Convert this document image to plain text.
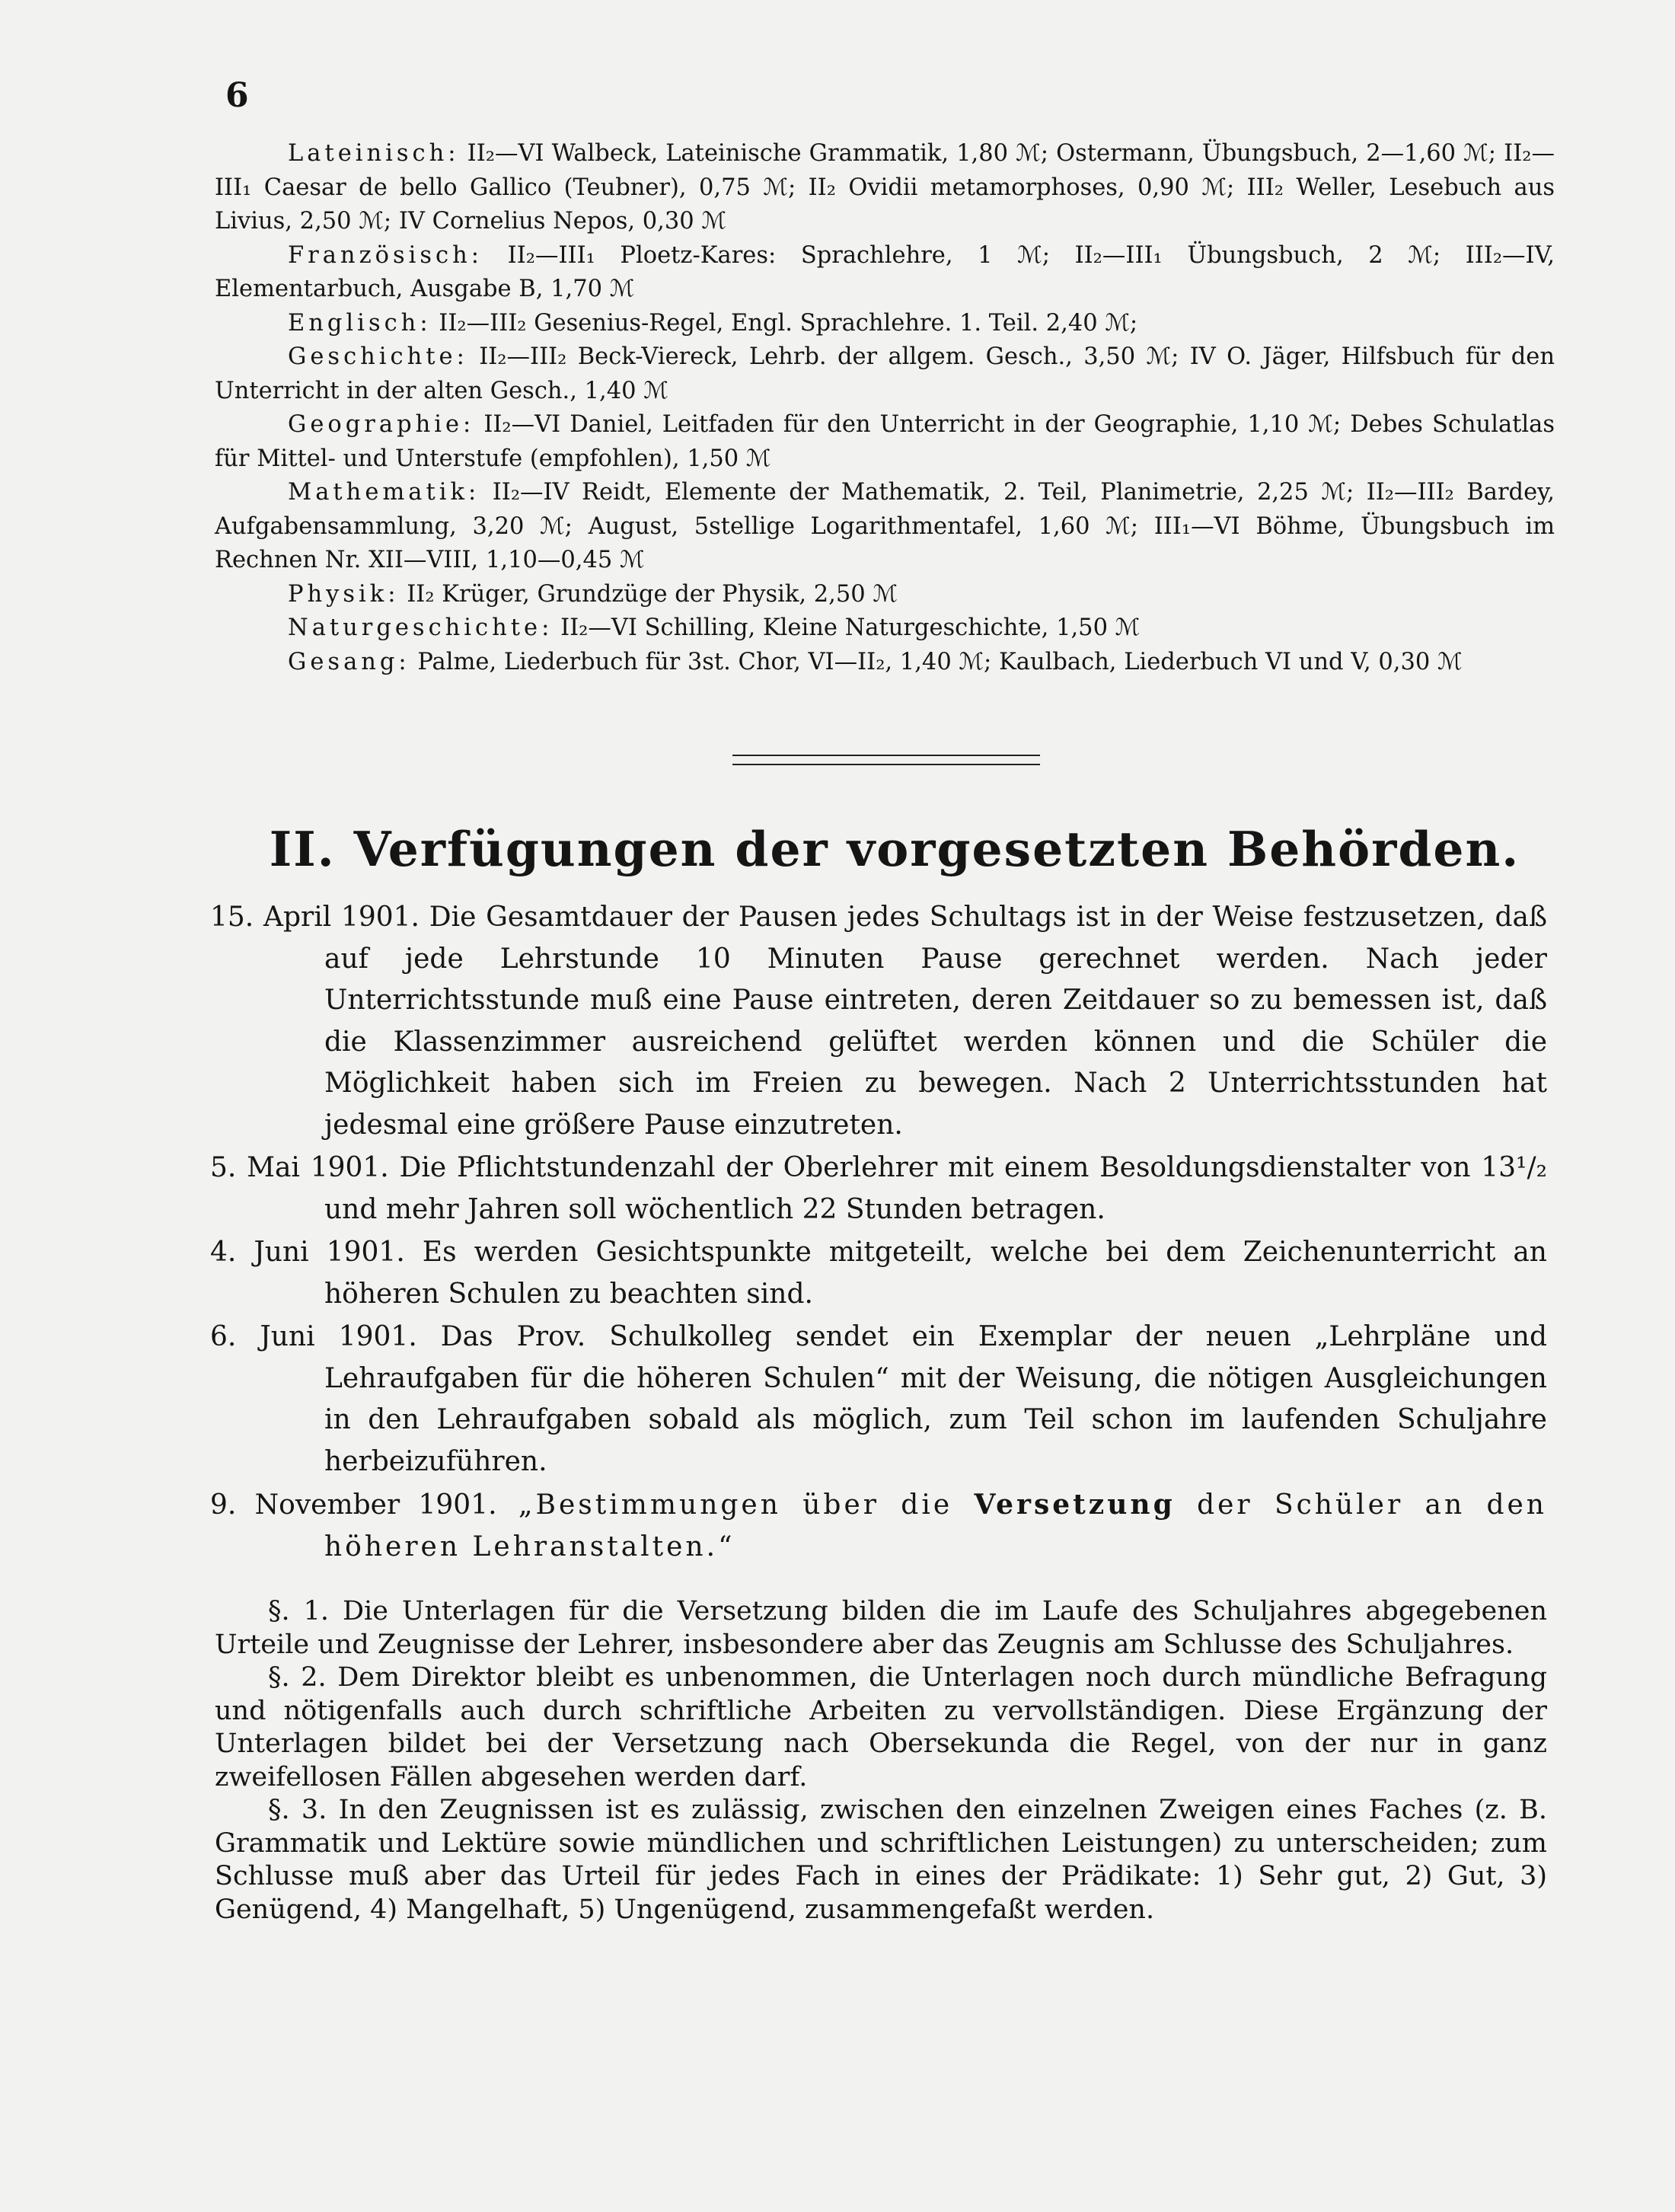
6

Lateinisch: II₂—VI Walbeck, Lateinische Grammatik, 1,80 ℳ; Ostermann, Übungsbuch, 2—1,60 ℳ; II₂—III₁ Caesar de bello Gallico (Teubner), 0,75 ℳ; II₂ Ovidii metamorphoses, 0,90 ℳ; III₂ Weller, Lesebuch aus Livius, 2,50 ℳ; IV Cornelius Nepos, 0,30 ℳ

Französisch: II₂—III₁ Ploetz-Kares: Sprachlehre, 1 ℳ; II₂—III₁ Übungsbuch, 2 ℳ; III₂—IV, Elementarbuch, Ausgabe B, 1,70 ℳ

Englisch: II₂—III₂ Gesenius-Regel, Engl. Sprachlehre. 1. Teil. 2,40 ℳ;

Geschichte: II₂—III₂ Beck-Viereck, Lehrb. der allgem. Gesch., 3,50 ℳ; IV O. Jäger, Hilfsbuch für den Unterricht in der alten Gesch., 1,40 ℳ

Geographie: II₂—VI Daniel, Leitfaden für den Unterricht in der Geographie, 1,10 ℳ; Debes Schulatlas für Mittel- und Unterstufe (empfohlen), 1,50 ℳ

Mathematik: II₂—IV Reidt, Elemente der Mathematik, 2. Teil, Planimetrie, 2,25 ℳ; II₂—III₂ Bardey, Aufgabensammlung, 3,20 ℳ; August, 5stellige Logarithmentafel, 1,60 ℳ; III₁—VI Böhme, Übungsbuch im Rechnen Nr. XII—VIII, 1,10—0,45 ℳ

Physik: II₂ Krüger, Grundzüge der Physik, 2,50 ℳ

Naturgeschichte: II₂—VI Schilling, Kleine Naturgeschichte, 1,50 ℳ

Gesang: Palme, Liederbuch für 3st. Chor, VI—II₂, 1,40 ℳ; Kaulbach, Liederbuch VI und V, 0,30 ℳ

II. Verfügungen der vorgesetzten Behörden.

15. April 1901. Die Gesamtdauer der Pausen jedes Schultags ist in der Weise festzusetzen, daß auf jede Lehrstunde 10 Minuten Pause gerechnet werden. Nach jeder Unterrichtsstunde muß eine Pause eintreten, deren Zeitdauer so zu bemessen ist, daß die Klassenzimmer ausreichend gelüftet werden können und die Schüler die Möglichkeit haben sich im Freien zu bewegen. Nach 2 Unterrichtsstunden hat jedesmal eine größere Pause einzutreten.

5. Mai 1901. Die Pflichtstundenzahl der Oberlehrer mit einem Besoldungsdienstalter von 13¹/₂ und mehr Jahren soll wöchentlich 22 Stunden betragen.

4. Juni 1901. Es werden Gesichtspunkte mitgeteilt, welche bei dem Zeichenunterricht an höheren Schulen zu beachten sind.

6. Juni 1901. Das Prov. Schulkolleg sendet ein Exemplar der neuen „Lehrpläne und Lehraufgaben für die höheren Schulen“ mit der Weisung, die nötigen Ausgleichungen in den Lehraufgaben sobald als möglich, zum Teil schon im laufenden Schuljahre herbeizuführen.

9. November 1901. „Bestimmungen über die Versetzung der Schüler an den höheren Lehranstalten.“

§. 1. Die Unterlagen für die Versetzung bilden die im Laufe des Schuljahres abgegebenen Urteile und Zeugnisse der Lehrer, insbesondere aber das Zeugnis am Schlusse des Schuljahres.

§. 2. Dem Direktor bleibt es unbenommen, die Unterlagen noch durch mündliche Befragung und nötigenfalls auch durch schriftliche Arbeiten zu vervollständigen. Diese Ergänzung der Unterlagen bildet bei der Versetzung nach Obersekunda die Regel, von der nur in ganz zweifellosen Fällen abgesehen werden darf.

§. 3. In den Zeugnissen ist es zulässig, zwischen den einzelnen Zweigen eines Faches (z. B. Grammatik und Lektüre sowie mündlichen und schriftlichen Leistungen) zu unterscheiden; zum Schlusse muß aber das Urteil für jedes Fach in eines der Prädikate: 1) Sehr gut, 2) Gut, 3) Genügend, 4) Mangelhaft, 5) Ungenügend, zusammengefaßt werden.
